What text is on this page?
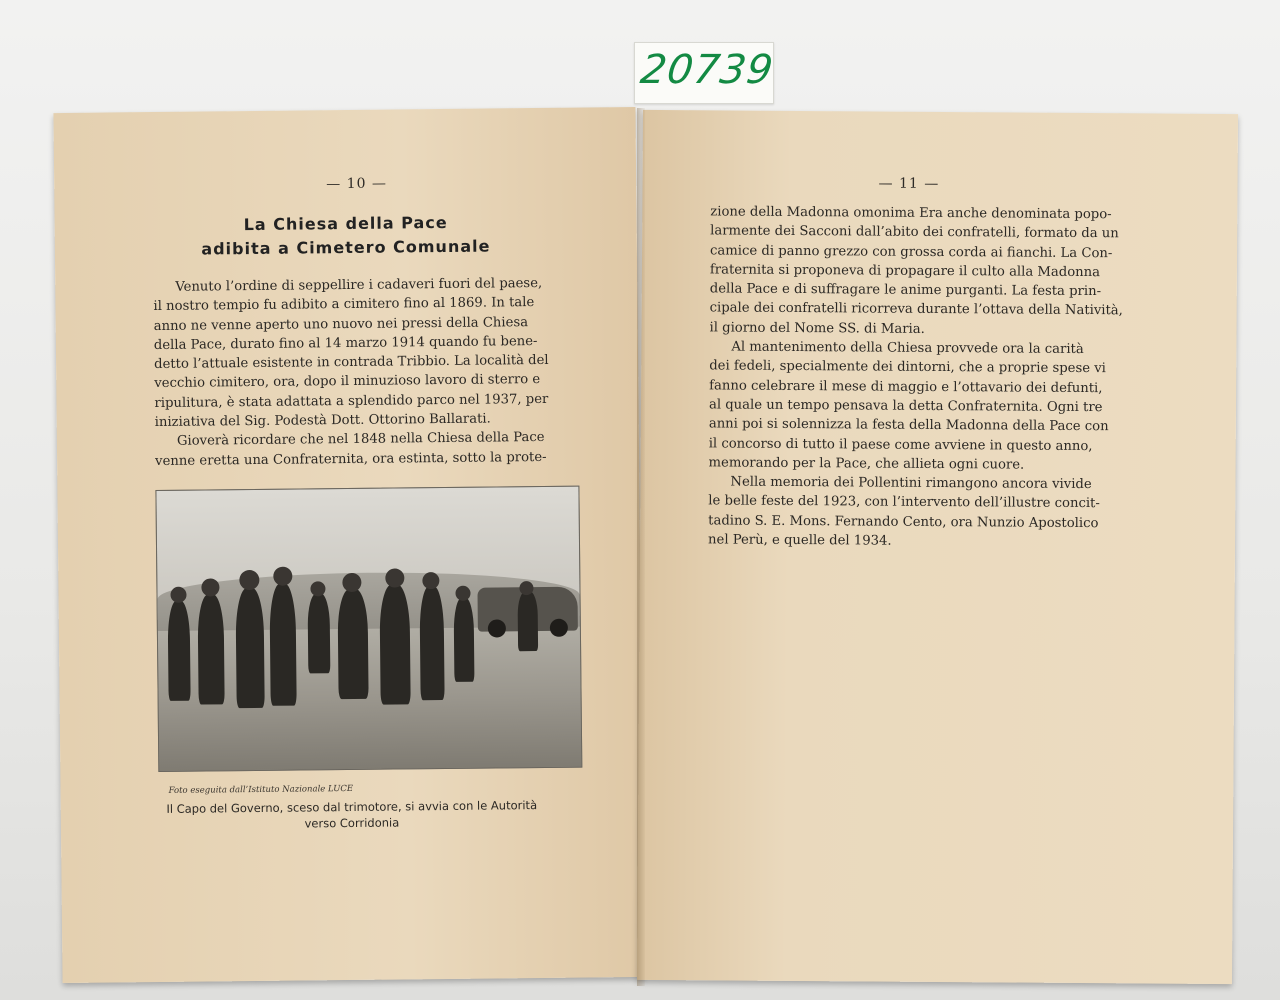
20739
— 10 —
La Chiesa della Pace
adibita a Cimetero Comunale
Venuto l’ordine di seppellire i cadaveri fuori del paese,
il nostro tempio fu adibito a cimitero fino al 1869. In tale
anno ne venne aperto uno nuovo nei pressi della Chiesa
della Pace, durato fino al 14 marzo 1914 quando fu bene-
detto l’attuale esistente in contrada Tribbio. La località del
vecchio cimitero, ora, dopo il minuzioso lavoro di sterro e
ripulitura, è stata adattata a splendido parco nel 1937, per
iniziativa del Sig. Podestà Dott. Ottorino Ballarati.
Gioverà ricordare che nel 1848 nella Chiesa della Pace
venne eretta una Confraternita, ora estinta, sotto la prote-
Foto eseguita dall’Istituto Nazionale LUCE
Il Capo del Governo, sceso dal trimotore, si avvia con le Autorità
verso Corridonia
— 11 —
zione della Madonna omonima Era anche denominata popo-
larmente dei Sacconi dall’abito dei confratelli, formato da un
camice di panno grezzo con grossa corda ai fianchi. La Con-
fraternita si proponeva di propagare il culto alla Madonna
della Pace e di suffragare le anime purganti. La festa prin-
cipale dei confratelli ricorreva durante l’ottava della Natività,
il giorno del Nome SS. di Maria.
Al mantenimento della Chiesa provvede ora la carità
dei fedeli, specialmente dei dintorni, che a proprie spese vi
fanno celebrare il mese di maggio e l’ottavario dei defunti,
al quale un tempo pensava la detta Confraternita. Ogni tre
anni poi si solennizza la festa della Madonna della Pace con
il concorso di tutto il paese come avviene in questo anno,
memorando per la Pace, che allieta ogni cuore.
Nella memoria dei Pollentini rimangono ancora vivide
le belle feste del 1923, con l’intervento dell’illustre concit-
tadino S. E. Mons. Fernando Cento, ora Nunzio Apostolico
nel Perù, e quelle del 1934.
